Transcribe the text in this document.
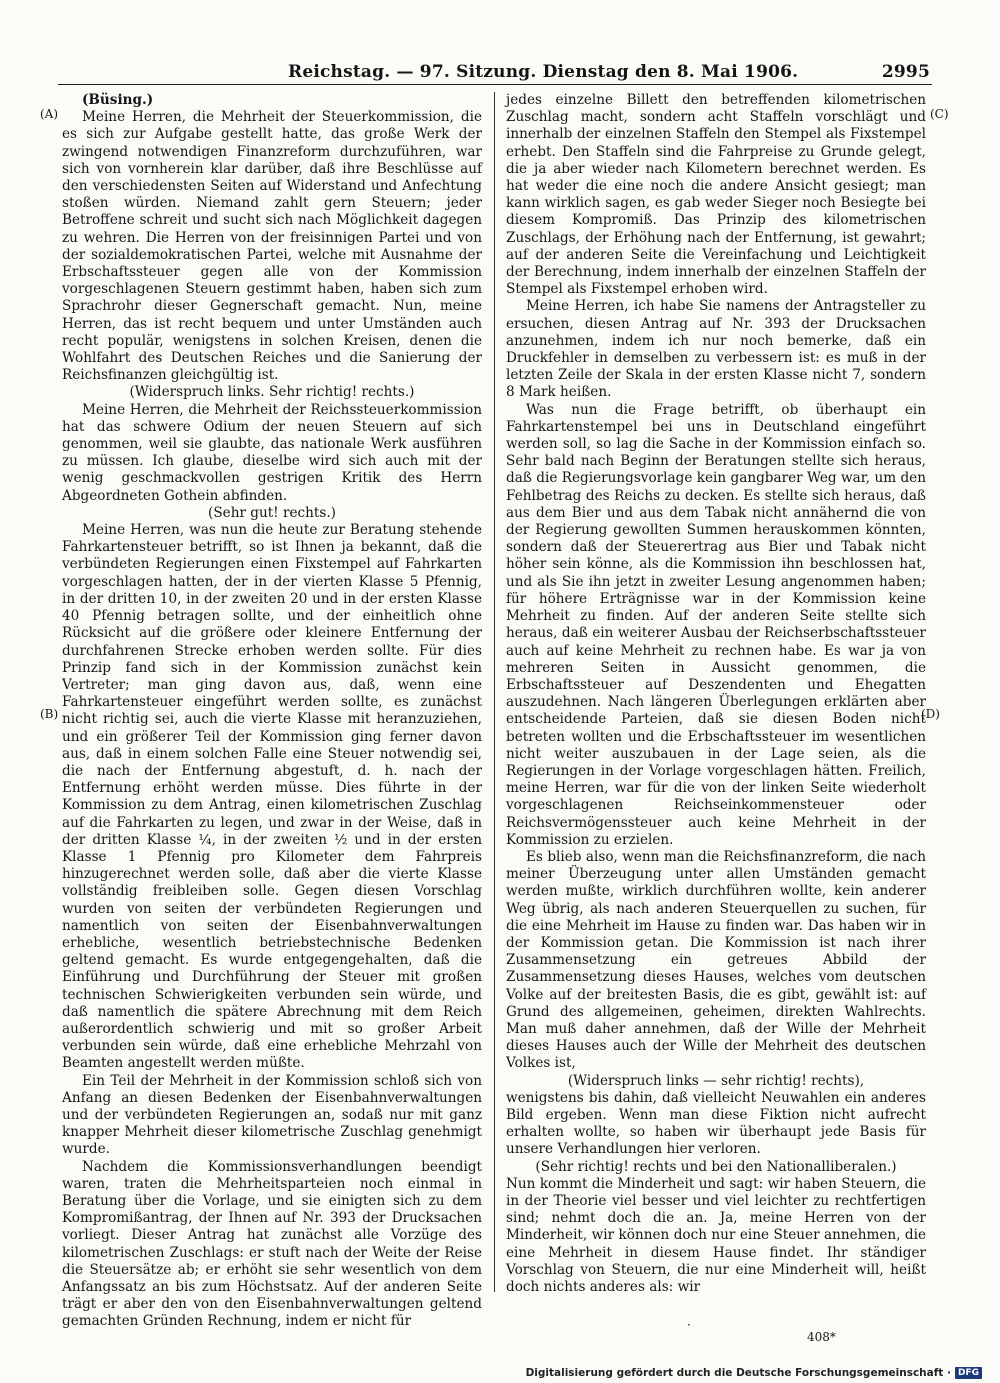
Reichstag. — 97. Sitzung. Dienstag den 8. Mai 1906.	2995
(A)
(B)
(C)
(D)

(Büsing.)

Meine Herren, die Mehrheit der Steuerkommission, die es sich zur Aufgabe gestellt hatte, das große Werk der zwingend notwendigen Finanzreform durchzuführen, war sich von vornherein klar darüber, daß ihre Beschlüsse auf den verschiedensten Seiten auf Widerstand und Anfechtung stoßen würden. Niemand zahlt gern Steuern; jeder Betroffene schreit und sucht sich nach Möglichkeit dagegen zu wehren. Die Herren von der freisinnigen Partei und von der sozialdemokratischen Partei, welche mit Ausnahme der Erbschaftssteuer gegen alle von der Kommission vorgeschlagenen Steuern gestimmt haben, haben sich zum Sprachrohr dieser Gegnerschaft gemacht. Nun, meine Herren, das ist recht bequem und unter Umständen auch recht populär, wenigstens in solchen Kreisen, denen die Wohlfahrt des Deutschen Reiches und die Sanierung der Reichsfinanzen gleichgültig ist.

(Widerspruch links. Sehr richtig! rechts.)

Meine Herren, die Mehrheit der Reichssteuerkommission hat das schwere Odium der neuen Steuern auf sich genommen, weil sie glaubte, das nationale Werk ausführen zu müssen. Ich glaube, dieselbe wird sich auch mit der wenig geschmackvollen gestrigen Kritik des Herrn Abgeordneten Gothein abfinden.

(Sehr gut! rechts.)

Meine Herren, was nun die heute zur Beratung stehende Fahrkartensteuer betrifft, so ist Ihnen ja bekannt, daß die verbündeten Regierungen einen Fixstempel auf Fahrkarten vorgeschlagen hatten, der in der vierten Klasse 5 Pfennig, in der dritten 10, in der zweiten 20 und in der ersten Klasse 40 Pfennig betragen sollte, und der einheitlich ohne Rücksicht auf die größere oder kleinere Entfernung der durchfahrenen Strecke erhoben werden sollte. Für dies Prinzip fand sich in der Kommission zunächst kein Vertreter; man ging davon aus, daß, wenn eine Fahrkartensteuer eingeführt werden sollte, es zunächst nicht richtig sei, auch die vierte Klasse mit heranzuziehen, und ein größerer Teil der Kommission ging ferner davon aus, daß in einem solchen Falle eine Steuer notwendig sei, die nach der Entfernung abgestuft, d. h. nach der Entfernung erhöht werden müsse. Dies führte in der Kommission zu dem Antrag, einen kilometrischen Zuschlag auf die Fahrkarten zu legen, und zwar in der Weise, daß in der dritten Klasse ¼, in der zweiten ½ und in der ersten Klasse 1 Pfennig pro Kilometer dem Fahrpreis hinzugerechnet werden solle, daß aber die vierte Klasse vollständig freibleiben solle. Gegen diesen Vorschlag wurden von seiten der verbündeten Regierungen und namentlich von seiten der Eisenbahnverwaltungen erhebliche, wesentlich betriebstechnische Bedenken geltend gemacht. Es wurde entgegengehalten, daß die Einführung und Durchführung der Steuer mit großen technischen Schwierigkeiten verbunden sein würde, und daß namentlich die spätere Abrechnung mit dem Reich außerordentlich schwierig und mit so großer Arbeit verbunden sein würde, daß eine erhebliche Mehrzahl von Beamten angestellt werden müßte.

Ein Teil der Mehrheit in der Kommission schloß sich von Anfang an diesen Bedenken der Eisenbahnverwaltungen und der verbündeten Regierungen an, sodaß nur mit ganz knapper Mehrheit dieser kilometrische Zuschlag genehmigt wurde.

Nachdem die Kommissionsverhandlungen beendigt waren, traten die Mehrheitsparteien noch einmal in Beratung über die Vorlage, und sie einigten sich zu dem Kompromißantrag, der Ihnen auf Nr. 393 der Drucksachen vorliegt. Dieser Antrag hat zunächst alle Vorzüge des kilometrischen Zuschlags: er stuft nach der Weite der Reise die Steuersätze ab; er erhöht sie sehr wesentlich von dem Anfangssatz an bis zum Höchstsatz. Auf der anderen Seite trägt er aber den von den Eisenbahnverwaltungen geltend gemachten Gründen Rechnung, indem er nicht für

jedes einzelne Billett den betreffenden kilometrischen Zuschlag macht, sondern acht Staffeln vorschlägt und innerhalb der einzelnen Staffeln den Stempel als Fixstempel erhebt. Den Staffeln sind die Fahrpreise zu Grunde gelegt, die ja aber wieder nach Kilometern berechnet werden. Es hat weder die eine noch die andere Ansicht gesiegt; man kann wirklich sagen, es gab weder Sieger noch Besiegte bei diesem Kompromiß. Das Prinzip des kilometrischen Zuschlags, der Erhöhung nach der Entfernung, ist gewahrt; auf der anderen Seite die Vereinfachung und Leichtigkeit der Berechnung, indem innerhalb der einzelnen Staffeln der Stempel als Fixstempel erhoben wird.

Meine Herren, ich habe Sie namens der Antragsteller zu ersuchen, diesen Antrag auf Nr. 393 der Drucksachen anzunehmen, indem ich nur noch bemerke, daß ein Druckfehler in demselben zu verbessern ist: es muß in der letzten Zeile der Skala in der ersten Klasse nicht 7, sondern 8 Mark heißen.

Was nun die Frage betrifft, ob überhaupt ein Fahrkartenstempel bei uns in Deutschland eingeführt werden soll, so lag die Sache in der Kommission einfach so. Sehr bald nach Beginn der Beratungen stellte sich heraus, daß die Regierungsvorlage kein gangbarer Weg war, um den Fehlbetrag des Reichs zu decken. Es stellte sich heraus, daß aus dem Bier und aus dem Tabak nicht annähernd die von der Regierung gewollten Summen herauskommen könnten, sondern daß der Steuerertrag aus Bier und Tabak nicht höher sein könne, als die Kommission ihn beschlossen hat, und als Sie ihn jetzt in zweiter Lesung angenommen haben; für höhere Erträgnisse war in der Kommission keine Mehrheit zu finden. Auf der anderen Seite stellte sich heraus, daß ein weiterer Ausbau der Reichserbschaftssteuer auch auf keine Mehrheit zu rechnen habe. Es war ja von mehreren Seiten in Aussicht genommen, die Erbschaftssteuer auf Deszendenten und Ehegatten auszudehnen. Nach längeren Überlegungen erklärten aber entscheidende Parteien, daß sie diesen Boden nicht betreten wollten und die Erbschaftssteuer im wesentlichen nicht weiter auszubauen in der Lage seien, als die Regierungen in der Vorlage vorgeschlagen hätten. Freilich, meine Herren, war für die von der linken Seite wiederholt vorgeschlagenen Reichseinkommensteuer oder Reichsvermögenssteuer auch keine Mehrheit in der Kommission zu erzielen.

Es blieb also, wenn man die Reichsfinanzreform, die nach meiner Überzeugung unter allen Umständen gemacht werden mußte, wirklich durchführen wollte, kein anderer Weg übrig, als nach anderen Steuerquellen zu suchen, für die eine Mehrheit im Hause zu finden war. Das haben wir in der Kommission getan. Die Kommission ist nach ihrer Zusammensetzung ein getreues Abbild der Zusammensetzung dieses Hauses, welches vom deutschen Volke auf der breitesten Basis, die es gibt, gewählt ist: auf Grund des allgemeinen, geheimen, direkten Wahlrechts. Man muß daher annehmen, daß der Wille der Mehrheit dieses Hauses auch der Wille der Mehrheit des deutschen Volkes ist,

(Widerspruch links — sehr richtig! rechts),

wenigstens bis dahin, daß vielleicht Neuwahlen ein anderes Bild ergeben. Wenn man diese Fiktion nicht aufrecht erhalten wollte, so haben wir überhaupt jede Basis für unsere Verhandlungen hier verloren.

(Sehr richtig! rechts und bei den Nationalliberalen.)

Nun kommt die Minderheit und sagt: wir haben Steuern, die in der Theorie viel besser und viel leichter zu rechtfertigen sind; nehmt doch die an. Ja, meine Herren von der Minderheit, wir können doch nur eine Steuer annehmen, die eine Mehrheit in diesem Hause findet. Ihr ständiger Vorschlag von Steuern, die nur eine Minderheit will, heißt doch nichts anderes als: wir

·
408*
Digitalisierung gefördert durch die Deutsche Forschungsgemeinschaft · DFG
